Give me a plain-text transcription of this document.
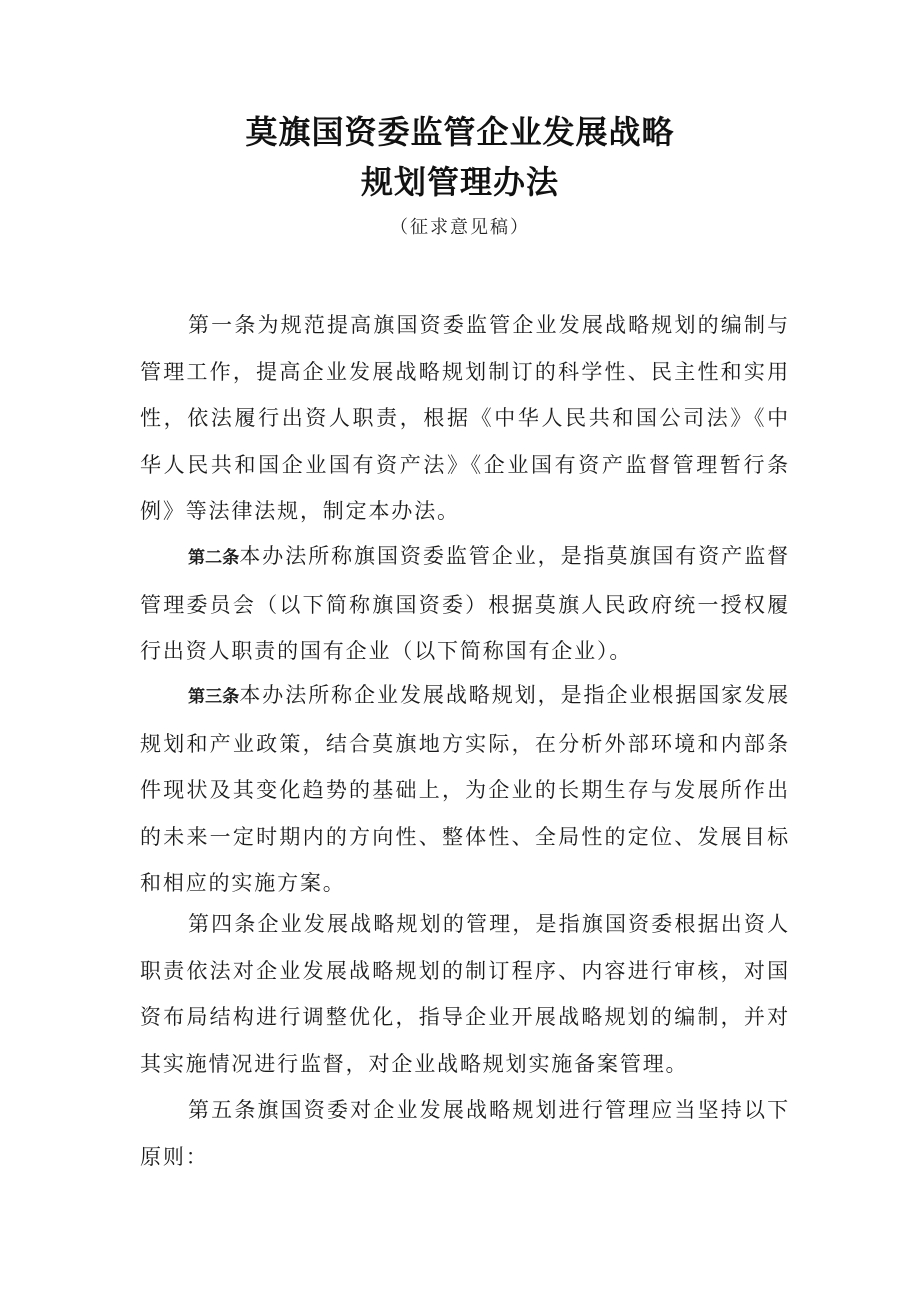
莫旗国资委监管企业发展战略
规划管理办法
（征求意见稿）

第一条为规范提高旗国资委监管企业发展战略规划的编制与管理工作，提高企业发展战略规划制订的科学性、民主性和实用性，依法履行出资人职责，根据《中华人民共和国公司法》《中华人民共和国企业国有资产法》《企业国有资产监督管理暂行条例》等法律法规，制定本办法。

第二条本办法所称旗国资委监管企业，是指莫旗国有资产监督管理委员会（以下简称旗国资委）根据莫旗人民政府统一授权履行出资人职责的国有企业（以下简称国有企业）。

第三条本办法所称企业发展战略规划，是指企业根据国家发展规划和产业政策，结合莫旗地方实际，在分析外部环境和内部条件现状及其变化趋势的基础上，为企业的长期生存与发展所作出的未来一定时期内的方向性、整体性、全局性的定位、发展目标和相应的实施方案。

第四条企业发展战略规划的管理，是指旗国资委根据出资人职责依法对企业发展战略规划的制订程序、内容进行审核，对国资布局结构进行调整优化，指导企业开展战略规划的编制，并对其实施情况进行监督，对企业战略规划实施备案管理。

第五条旗国资委对企业发展战略规划进行管理应当坚持以下原则：
